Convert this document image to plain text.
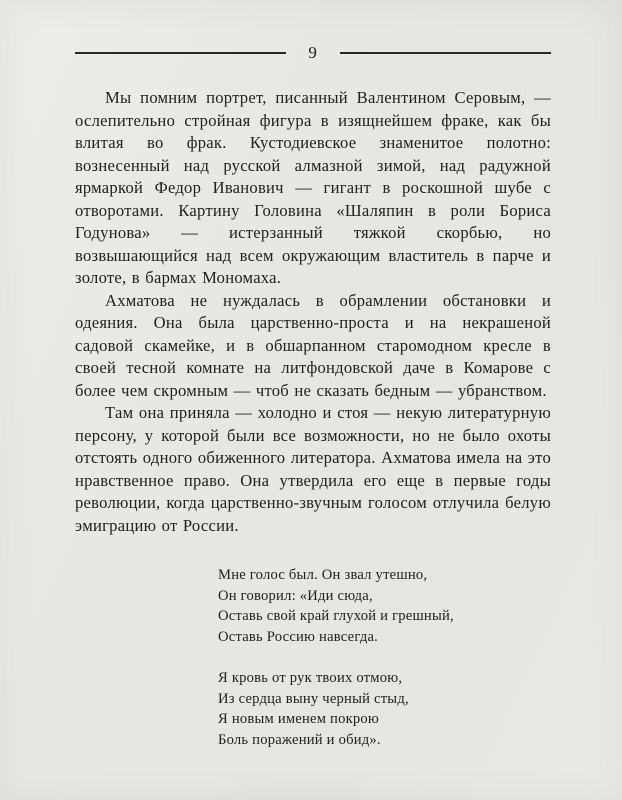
9

Мы помним портрет, писанный Валентином Серовым, — ослепительно стройная фигура в изящнейшем фраке, как бы влитая во фрак. Кустодиевское знаменитое полотно: вознесенный над русской алмазной зимой, над радужной ярмаркой Федор Иванович — гигант в роскошной шубе с отворотами. Картину Головина «Шаляпин в роли Бориса Годунова» — истерзанный тяжкой скорбью, но возвышающийся над всем окружающим властитель в парче и золоте, в бармах Мономаха.

Ахматова не нуждалась в обрамлении обстановки и одеяния. Она была царственно-проста и на некрашеной садовой скамейке, и в обшарпанном старомодном кресле в своей тесной комнате на литфондовской даче в Комарове с более чем скромным — чтоб не сказать бедным — убранством.

Там она приняла — холодно и стоя — некую литературную персону, у которой были все возможности, но не было охоты отстоять одного обиженного литератора. Ахматова имела на это нравственное право. Она утвердила его еще в первые годы революции, когда царственно-звучным голосом отлучила белую эмиграцию от России.

Мне голос был. Он звал утешно,
Он говорил: «Иди сюда,
Оставь свой край глухой и грешный,
Оставь Россию навсегда.
Я кровь от рук твоих отмою,
Из сердца выну черный стыд,
Я новым именем покрою
Боль поражений и обид».
